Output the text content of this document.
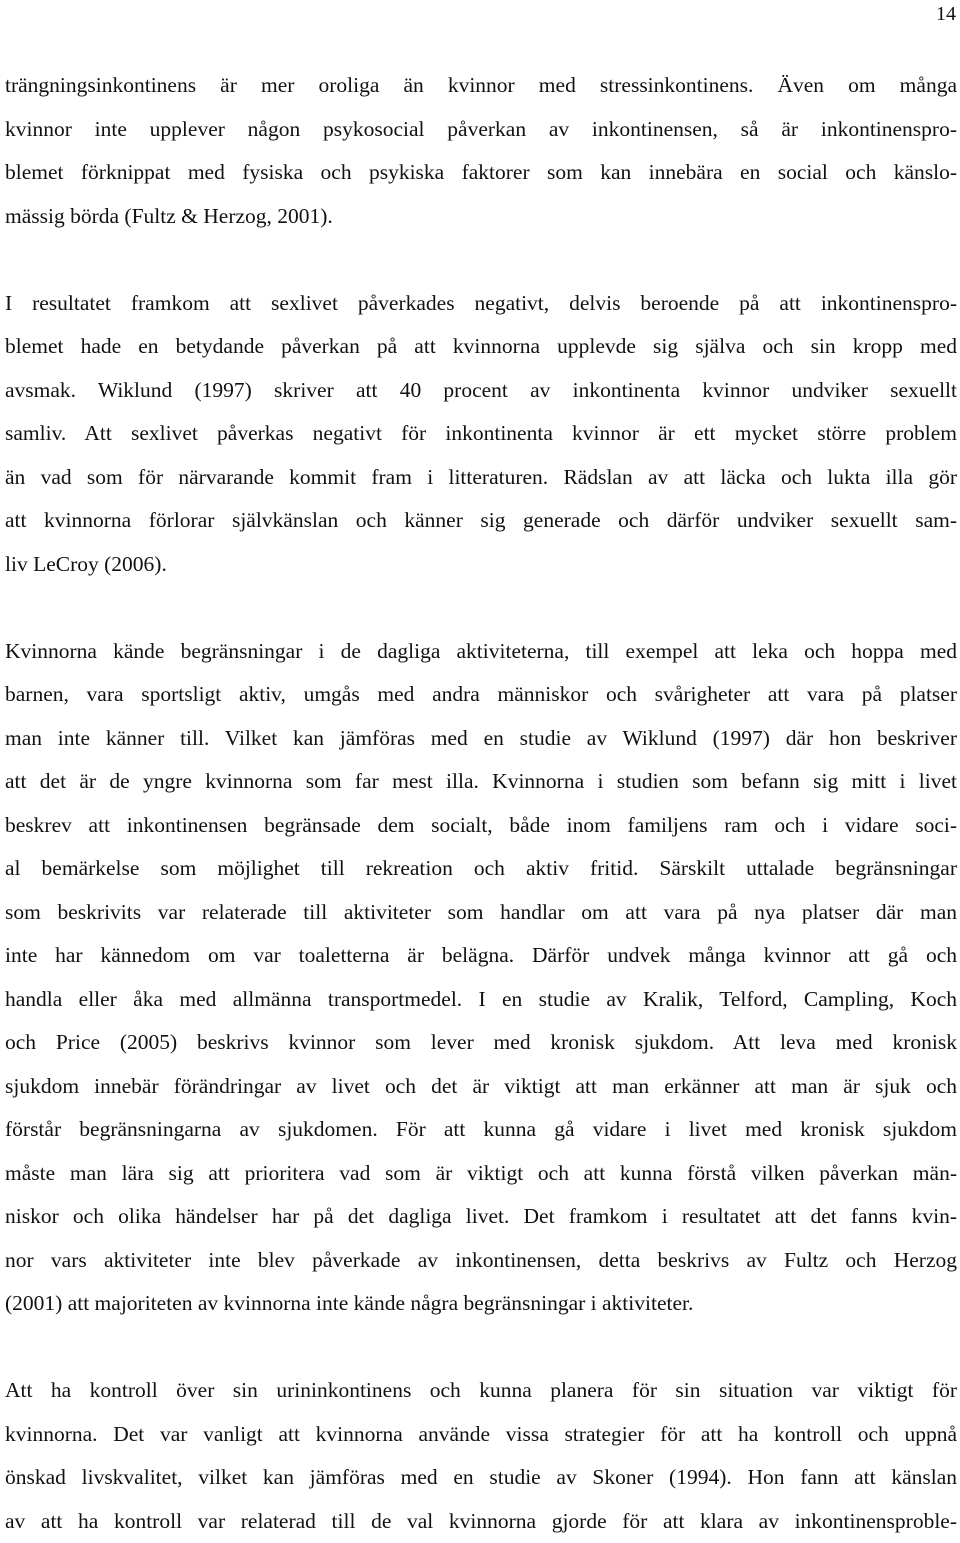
14
trängningsinkontinens är mer oroliga än kvinnor med stressinkontinens. Även om många
kvinnor inte upplever någon psykosocial påverkan av inkontinensen, så är inkontinenspro-
blemet förknippat med fysiska och psykiska faktorer som kan innebära en social och känslo-
mässig börda (Fultz & Herzog, 2001).
I resultatet framkom att sexlivet påverkades negativt, delvis beroende på att inkontinenspro-
blemet hade en betydande påverkan på att kvinnorna upplevde sig själva och sin kropp med
avsmak. Wiklund (1997) skriver att 40 procent av inkontinenta kvinnor undviker sexuellt
samliv. Att sexlivet påverkas negativt för inkontinenta kvinnor är ett mycket större problem
än vad som för närvarande kommit fram i litteraturen. Rädslan av att läcka och lukta illa gör
att kvinnorna förlorar självkänslan och känner sig generade och därför undviker sexuellt sam-
liv LeCroy (2006).
Kvinnorna kände begränsningar i de dagliga aktiviteterna, till exempel att leka och hoppa med
barnen, vara sportsligt aktiv, umgås med andra människor och svårigheter att vara på platser
man inte känner till. Vilket kan jämföras med en studie av Wiklund (1997) där hon beskriver
att det är de yngre kvinnorna som far mest illa. Kvinnorna i studien som befann sig mitt i livet
beskrev att inkontinensen begränsade dem socialt, både inom familjens ram och i vidare soci-
al bemärkelse som möjlighet till rekreation och aktiv fritid. Särskilt uttalade begränsningar
som beskrivits var relaterade till aktiviteter som handlar om att vara på nya platser där man
inte har kännedom om var toaletterna är belägna. Därför undvek många kvinnor att gå och
handla eller åka med allmänna transportmedel. I en studie av Kralik, Telford, Campling, Koch
och Price (2005) beskrivs kvinnor som lever med kronisk sjukdom. Att leva med kronisk
sjukdom innebär förändringar av livet och det är viktigt att man erkänner att man är sjuk och
förstår begränsningarna av sjukdomen. För att kunna gå vidare i livet med kronisk sjukdom
måste man lära sig att prioritera vad som är viktigt och att kunna förstå vilken påverkan män-
niskor och olika händelser har på det dagliga livet. Det framkom i resultatet att det fanns kvin-
nor vars aktiviteter inte blev påverkade av inkontinensen, detta beskrivs av Fultz och Herzog
(2001) att majoriteten av kvinnorna inte kände några begränsningar i aktiviteter.
Att ha kontroll över sin urininkontinens och kunna planera för sin situation var viktigt för
kvinnorna. Det var vanligt att kvinnorna använde vissa strategier för att ha kontroll och uppnå
önskad livskvalitet, vilket kan jämföras med en studie av Skoner (1994). Hon fann att känslan
av att ha kontroll var relaterad till de val kvinnorna gjorde för att klara av inkontinensproble-
